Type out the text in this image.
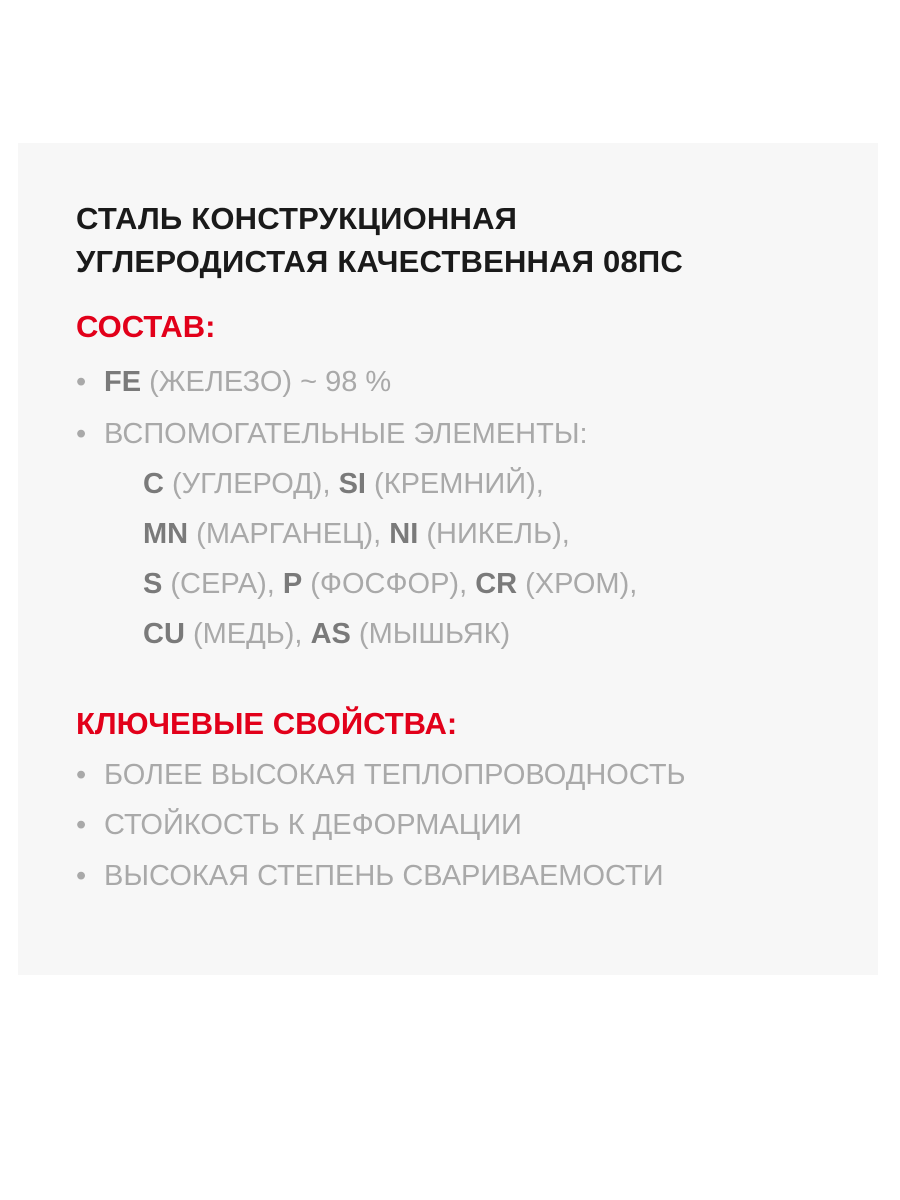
СТАЛЬ КОНСТРУКЦИОННАЯ
УГЛЕРОДИСТАЯ КАЧЕСТВЕННАЯ 08ПС
СОСТАВ:
• FE (ЖЕЛЕЗО) ~ 98 %
• ВСПОМОГАТЕЛЬНЫЕ ЭЛЕМЕНТЫ:
C (УГЛЕРОД), SI (КРЕМНИЙ),
MN (МАРГАНЕЦ), NI (НИКЕЛЬ),
S (СЕРА), P (ФОСФОР), CR (ХРОМ),
CU (МЕДЬ), AS (МЫШЬЯК)
КЛЮЧЕВЫЕ СВОЙСТВА:
• БОЛЕЕ ВЫСОКАЯ ТЕПЛОПРОВОДНОСТЬ
• СТОЙКОСТЬ К ДЕФОРМАЦИИ
• ВЫСОКАЯ СТЕПЕНЬ СВАРИВАЕМОСТИ
